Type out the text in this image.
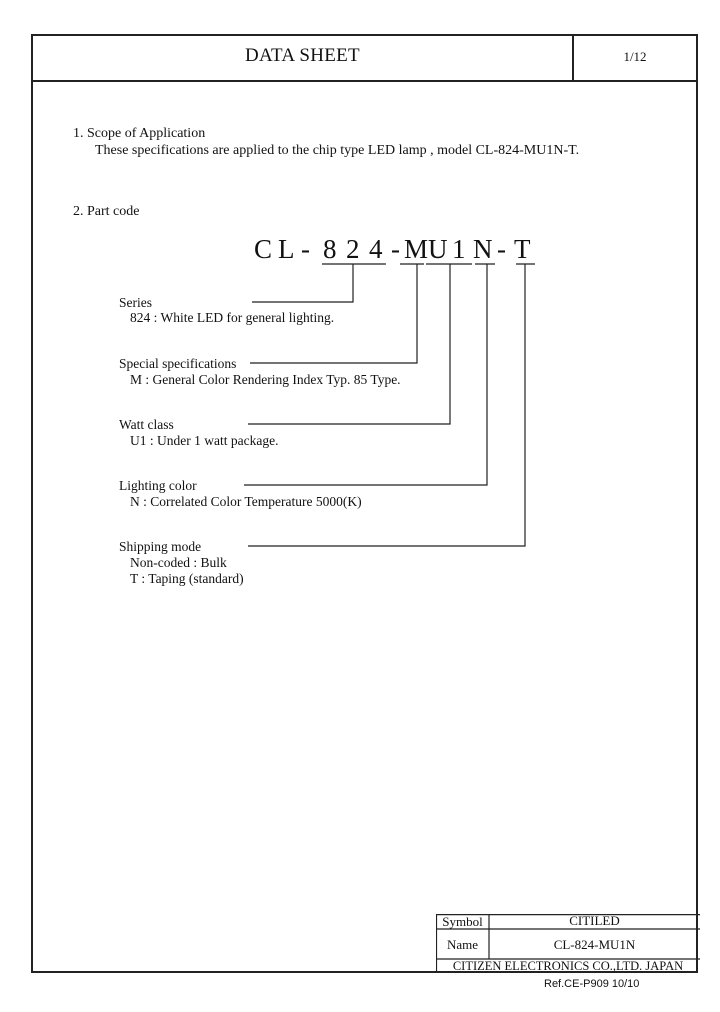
DATA SHEET	1/12
1. Scope of Application
These specifications are applied to the chip type LED lamp , model CL-824-MU1N-T.
2. Part code
C L - 8 2 4 - M U 1 N - T
Series
824 : White LED for general lighting.
Special specifications
M : General Color Rendering Index Typ. 85 Type.
Watt class
U1 : Under 1 watt package.
Lighting color
N : Correlated Color Temperature 5000(K)
Shipping mode
Non-coded : Bulk
T : Taping (standard)
Symbol	CITILED
Name	CL-824-MU1N
CITIZEN ELECTRONICS CO.,LTD. JAPAN
Ref.CE-P909 10/10
